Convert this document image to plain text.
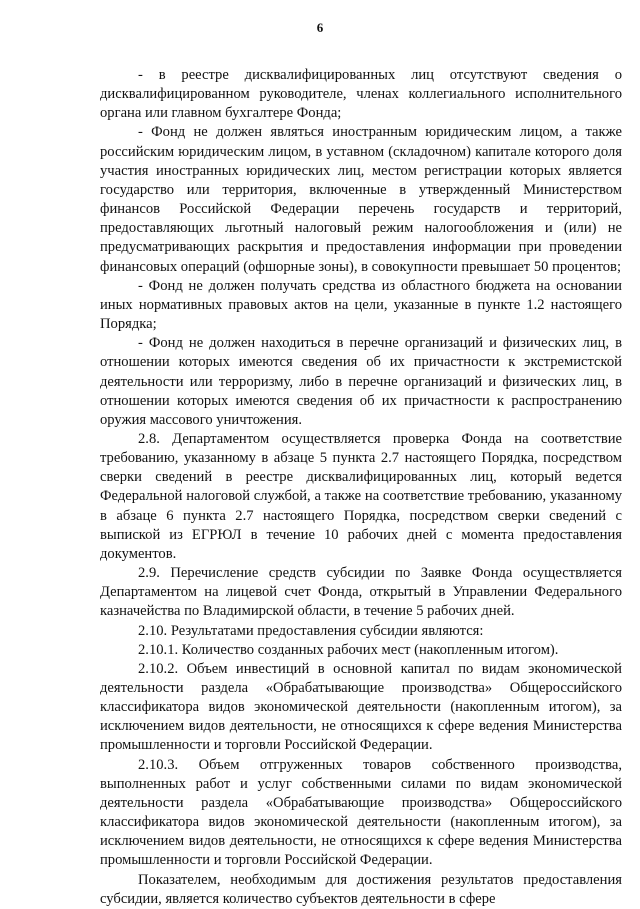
6

- в реестре дисквалифицированных лиц отсутствуют сведения о дисквалифицированном руководителе, членах коллегиального исполнительного органа или главном бухгалтере Фонда;

- Фонд не должен являться иностранным юридическим лицом, а также российским юридическим лицом, в уставном (складочном) капитале которого доля участия иностранных юридических лиц, местом регистрации которых является государство или территория, включенные в утвержденный Министерством финансов Российской Федерации перечень государств и территорий, предоставляющих льготный налоговый режим налогообложения и (или) не предусматривающих раскрытия и предоставления информации при проведении финансовых операций (офшорные зоны), в совокупности превышает 50 процентов;

- Фонд не должен получать средства из областного бюджета на основании иных нормативных правовых актов на цели, указанные в пункте 1.2 настоящего Порядка;

- Фонд не должен находиться в перечне организаций и физических лиц, в отношении которых имеются сведения об их причастности к экстремистской деятельности или терроризму, либо в перечне организаций и физических лиц, в отношении которых имеются сведения об их причастности к распространению оружия массового уничтожения.

2.8. Департаментом осуществляется проверка Фонда на соответствие требованию, указанному в абзаце 5 пункта 2.7 настоящего Порядка, посредством сверки сведений в реестре дисквалифицированных лиц, который ведется Федеральной налоговой службой, а также на соответствие требованию, указанному в абзаце 6 пункта 2.7 настоящего Порядка, посредством сверки сведений с выпиской из ЕГРЮЛ в течение 10 рабочих дней с момента предоставления документов.

2.9. Перечисление средств субсидии по Заявке Фонда осуществляется Департаментом на лицевой счет Фонда, открытый в Управлении Федерального казначейства по Владимирской области, в течение 5 рабочих дней.

2.10. Результатами предоставления субсидии являются:

2.10.1. Количество созданных рабочих мест (накопленным итогом).

2.10.2. Объем инвестиций в основной капитал по видам экономической деятельности раздела «Обрабатывающие производства» Общероссийского классификатора видов экономической деятельности (накопленным итогом), за исключением видов деятельности, не относящихся к сфере ведения Министерства промышленности и торговли Российской Федерации.

2.10.3. Объем отгруженных товаров собственного производства, выполненных работ и услуг собственными силами по видам экономической деятельности раздела «Обрабатывающие производства» Общероссийского классификатора видов экономической деятельности (накопленным итогом), за исключением видов деятельности, не относящихся к сфере ведения Министерства промышленности и торговли Российской Федерации.

Показателем, необходимым для достижения результатов предоставления субсидии, является количество субъектов деятельности в сфере
